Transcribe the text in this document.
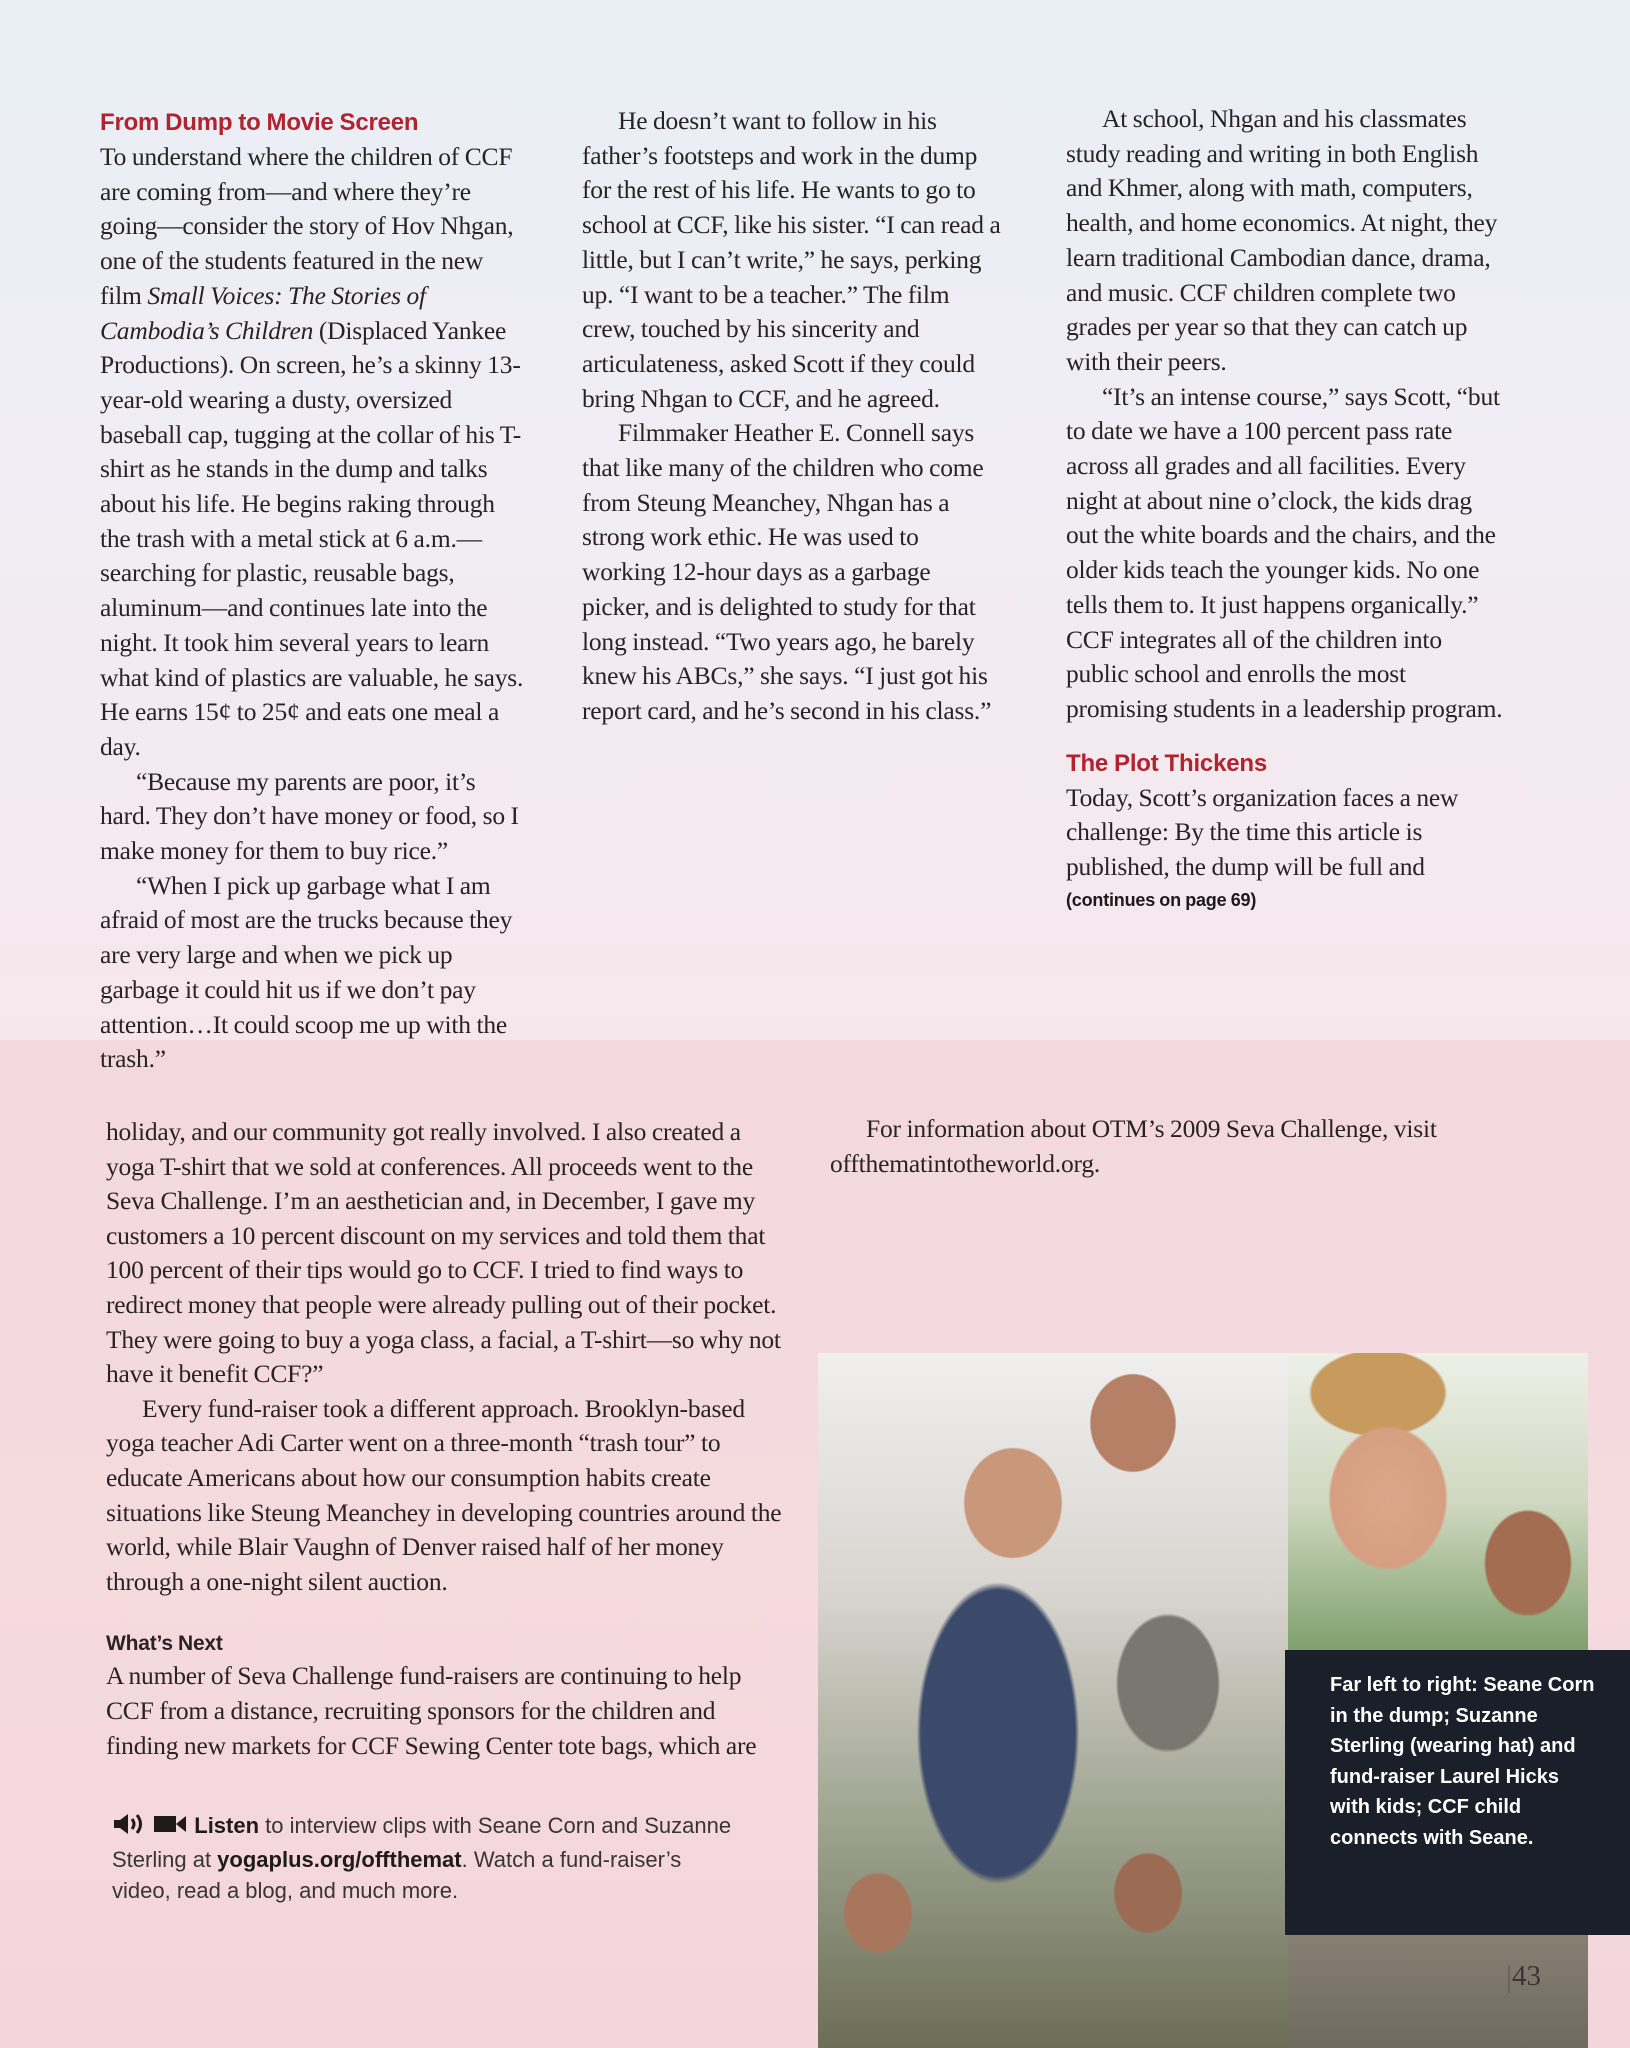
From Dump to Movie Screen

To understand where the children of CCF are coming from—and where they’re going—consider the story of Hov Nhgan, one of the students featured in the new film Small Voices: The Stories of Cambodia’s Children (Displaced Yankee Productions). On screen, he’s a skinny 13-year-old wearing a dusty, oversized baseball cap, tugging at the collar of his T-shirt as he stands in the dump and talks about his life. He begins raking through the trash with a metal stick at 6 a.m.—searching for plastic, reusable bags, aluminum—and continues late into the night. It took him several years to learn what kind of plastics are valuable, he says. He earns 15¢ to 25¢ and eats one meal a day.

“Because my parents are poor, it’s hard. They don’t have money or food, so I make money for them to buy rice.”

“When I pick up garbage what I am afraid of most are the trucks because they are very large and when we pick up garbage it could hit us if we don’t pay attention…It could scoop me up with the trash.”

He doesn’t want to follow in his father’s footsteps and work in the dump for the rest of his life. He wants to go to school at CCF, like his sister. “I can read a little, but I can’t write,” he says, perking up. “I want to be a teacher.” The film crew, touched by his sincerity and articulateness, asked Scott if they could bring Nhgan to CCF, and he agreed.

Filmmaker Heather E. Connell says that like many of the children who come from Steung Meanchey, Nhgan has a strong work ethic. He was used to working 12-hour days as a garbage picker, and is delighted to study for that long instead. “Two years ago, he barely knew his ABCs,” she says. “I just got his report card, and he’s second in his class.”

At school, Nhgan and his classmates study reading and writing in both English and Khmer, along with math, computers, health, and home economics. At night, they learn traditional Cambodian dance, drama, and music. CCF children complete two grades per year so that they can catch up with their peers.

“It’s an intense course,” says Scott, “but to date we have a 100 percent pass rate across all grades and all facilities. Every night at about nine o’clock, the kids drag out the white boards and the chairs, and the older kids teach the younger kids. No one tells them to. It just happens organically.” CCF integrates all of the children into public school and enrolls the most promising students in a leadership program.

The Plot Thickens

Today, Scott’s organization faces a new challenge: By the time this article is published, the dump will be full and

(continues on page 69)

holiday, and our community got really involved. I also created a yoga T-shirt that we sold at conferences. All proceeds went to the Seva Challenge. I’m an aesthetician and, in December, I gave my customers a 10 percent discount on my services and told them that 100 percent of their tips would go to CCF. I tried to find ways to redirect money that people were already pulling out of their pocket. They were going to buy a yoga class, a facial, a T-shirt—so why not have it benefit CCF?”

Every fund-raiser took a different approach. Brooklyn-based yoga teacher Adi Carter went on a three-month “trash tour” to educate Americans about how our consumption habits create situations like Steung Meanchey in developing countries around the world, while Blair Vaughn of Denver raised half of her money through a one-night silent auction.

What’s Next

A number of Seva Challenge fund-raisers are continuing to help CCF from a distance, recruiting sponsors for the children and finding new markets for CCF Sewing Center tote bags, which are

For information about OTM’s 2009 Seva Challenge, visit offthematintotheworld.org.

Listen to interview clips with Seane Corn and Suzanne Sterling at yogaplus.org/offthemat. Watch a fund-raiser’s video, read a blog, and much more.
Far left to right: Seane Corn in the dump; Suzanne Sterling (wearing hat) and fund-raiser Laurel Hicks with kids; CCF child connects with Seane.
43
